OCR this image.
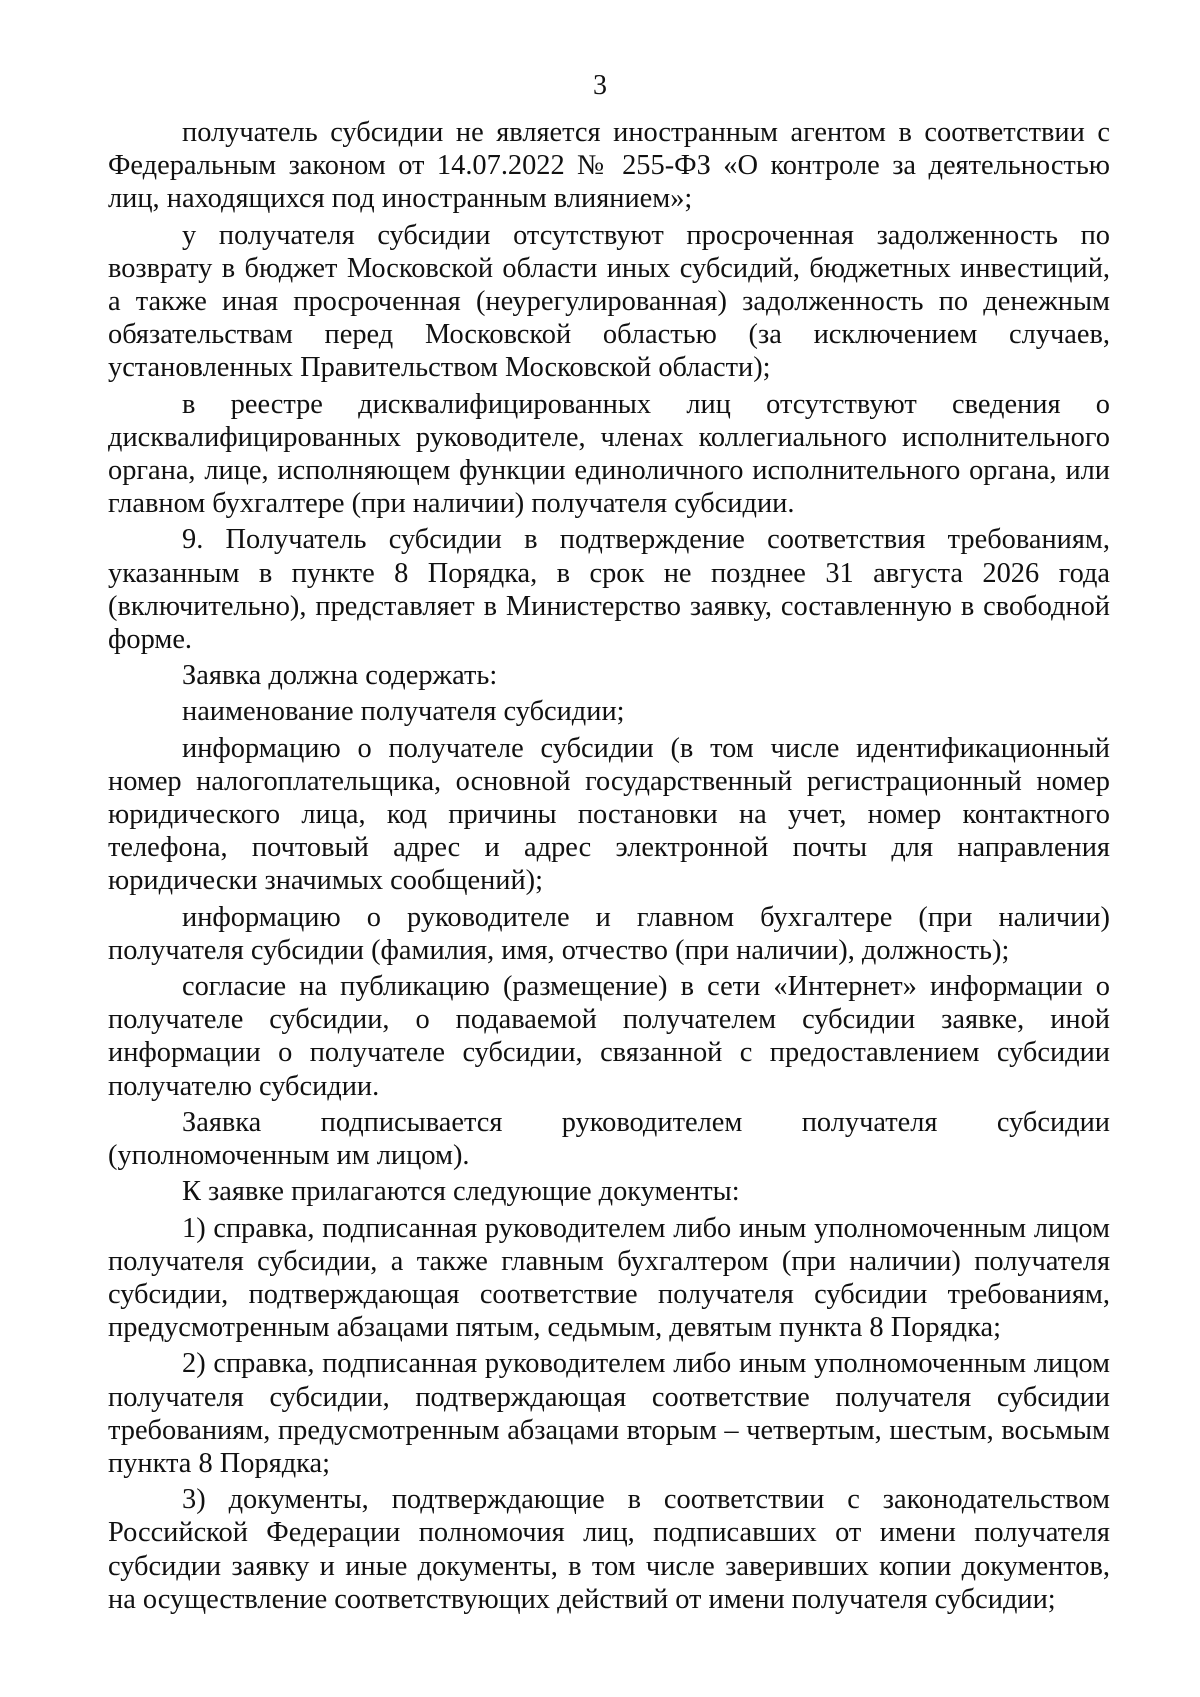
3

получатель субсидии не является иностранным агентом в соответствии с Федеральным законом от 14.07.2022 № 255-ФЗ «О контроле за деятельностью лиц, находящихся под иностранным влиянием»;

у получателя субсидии отсутствуют просроченная задолженность по возврату в бюджет Московской области иных субсидий, бюджетных инвестиций, а также иная просроченная (неурегулированная) задолженность по денежным обязательствам перед Московской областью (за исключением случаев, установленных Правительством Московской области);

в реестре дисквалифицированных лиц отсутствуют сведения о дисквалифицированных руководителе, членах коллегиального исполнительного органа, лице, исполняющем функции единоличного исполнительного органа, или главном бухгалтере (при наличии) получателя субсидии.

9. Получатель субсидии в подтверждение соответствия требованиям, указанным в пункте 8 Порядка, в срок не позднее 31 августа 2026 года (включительно), представляет в Министерство заявку, составленную в свободной форме.

Заявка должна содержать:

наименование получателя субсидии;

информацию о получателе субсидии (в том числе идентификационный номер налогоплательщика, основной государственный регистрационный номер юридического лица, код причины постановки на учет, номер контактного телефона, почтовый адрес и адрес электронной почты для направления юридически значимых сообщений);

информацию о руководителе и главном бухгалтере (при наличии) получателя субсидии (фамилия, имя, отчество (при наличии), должность);

согласие на публикацию (размещение) в сети «Интернет» информации о получателе субсидии, о подаваемой получателем субсидии заявке, иной информации о получателе субсидии, связанной с предоставлением субсидии получателю субсидии.

Заявка подписывается руководителем получателя субсидии (уполномоченным им лицом).

К заявке прилагаются следующие документы:

1) справка, подписанная руководителем либо иным уполномоченным лицом получателя субсидии, а также главным бухгалтером (при наличии) получателя субсидии, подтверждающая соответствие получателя субсидии требованиям, предусмотренным абзацами пятым, седьмым, девятым пункта 8 Порядка;

2) справка, подписанная руководителем либо иным уполномоченным лицом получателя субсидии, подтверждающая соответствие получателя субсидии требованиям, предусмотренным абзацами вторым – четвертым, шестым, восьмым пункта 8 Порядка;

3) документы, подтверждающие в соответствии с законодательством Российской Федерации полномочия лиц, подписавших от имени получателя субсидии заявку и иные документы, в том числе заверивших копии документов, на осуществление соответствующих действий от имени получателя субсидии;
